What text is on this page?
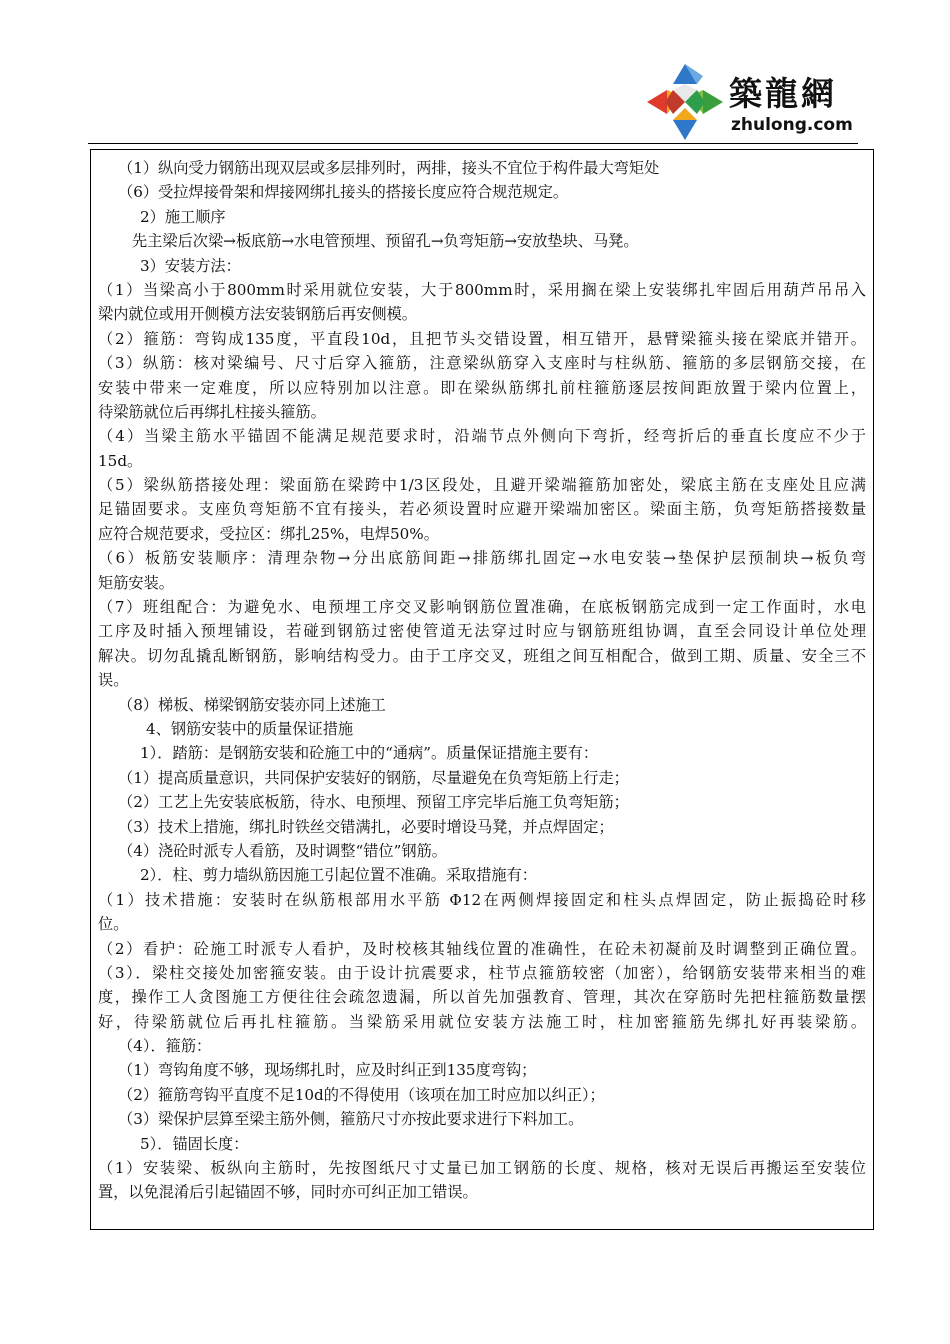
築龍網
zhulong.com
（1）纵向受力钢筋出现双层或多层排列时，两排，接头不宜位于构件最大弯矩处
（6）受拉焊接骨架和焊接网绑扎接头的搭接长度应符合规范规定。
2）施工顺序
先主梁后次梁→板底筋→水电管预埋、预留孔→负弯矩筋→安放垫块、马凳。
3）安装方法：
（1）当梁高小于800mm时采用就位安装，大于800mm时，采用搁在梁上安装绑扎牢固后用葫芦吊吊入
梁内就位或用开侧模方法安装钢筋后再安侧模。
（2）箍筋：弯钩成135度，平直段10d，且把节头交错设置，相互错开，悬臂梁箍头接在梁底并错开。
（3）纵筋：核对梁编号、尺寸后穿入箍筋，注意梁纵筋穿入支座时与柱纵筋、箍筋的多层钢筋交接，在
安装中带来一定难度，所以应特别加以注意。即在梁纵筋绑扎前柱箍筋逐层按间距放置于梁内位置上，
待梁筋就位后再绑扎柱接头箍筋。
（4）当梁主筋水平锚固不能满足规范要求时，沿端节点外侧向下弯折，经弯折后的垂直长度应不少于
15d。
（5）梁纵筋搭接处理：梁面筋在梁跨中1/3区段处，且避开梁端箍筋加密处，梁底主筋在支座处且应满
足锚固要求。支座负弯矩筋不宜有接头，若必须设置时应避开梁端加密区。梁面主筋，负弯矩筋搭接数量
应符合规范要求，受拉区：绑扎25%，电焊50%。
（6）板筋安装顺序：清理杂物→分出底筋间距→排筋绑扎固定→水电安装→垫保护层预制块→板负弯
矩筋安装。
（7）班组配合：为避免水、电预埋工序交叉影响钢筋位置准确，在底板钢筋完成到一定工作面时，水电
工序及时插入预埋铺设，若碰到钢筋过密使管道无法穿过时应与钢筋班组协调，直至会同设计单位处理
解决。切勿乱撬乱断钢筋，影响结构受力。由于工序交叉，班组之间互相配合，做到工期、质量、安全三不
误。
（8）梯板、梯梁钢筋安装亦同上述施工
4、钢筋安装中的质量保证措施
1）．踏筋：是钢筋安装和砼施工中的“通病”。质量保证措施主要有：
（1）提高质量意识，共同保护安装好的钢筋，尽量避免在负弯矩筋上行走；
（2）工艺上先安装底板筋，待水、电预埋、预留工序完毕后施工负弯矩筋；
（3）技术上措施，绑扎时铁丝交错满扎，必要时增设马凳，并点焊固定；
（4）浇砼时派专人看筋，及时调整“错位”钢筋。
2）．柱、剪力墙纵筋因施工引起位置不准确。采取措施有：
（1）技术措施：安装时在纵筋根部用水平筋 Φ12在两侧焊接固定和柱头点焊固定，防止振捣砼时移
位。
（2）看护：砼施工时派专人看护，及时校核其轴线位置的准确性，在砼未初凝前及时调整到正确位置。
（3）．梁柱交接处加密箍安装。由于设计抗震要求，柱节点箍筋较密（加密），给钢筋安装带来相当的难
度，操作工人贪图施工方便往往会疏忽遗漏，所以首先加强教育、管理，其次在穿筋时先把柱箍筋数量摆
好，待梁筋就位后再扎柱箍筋。当梁筋采用就位安装方法施工时，柱加密箍筋先绑扎好再装梁筋。
（4）．箍筋：
（1）弯钩角度不够，现场绑扎时，应及时纠正到135度弯钩；
（2）箍筋弯钩平直度不足10d的不得使用（该项在加工时应加以纠正）；
（3）梁保护层算至梁主筋外侧，箍筋尺寸亦按此要求进行下料加工。
5）．锚固长度：
（1）安装梁、板纵向主筋时，先按图纸尺寸丈量已加工钢筋的长度、规格，核对无误后再搬运至安装位
置，以免混淆后引起锚固不够，同时亦可纠正加工错误。
